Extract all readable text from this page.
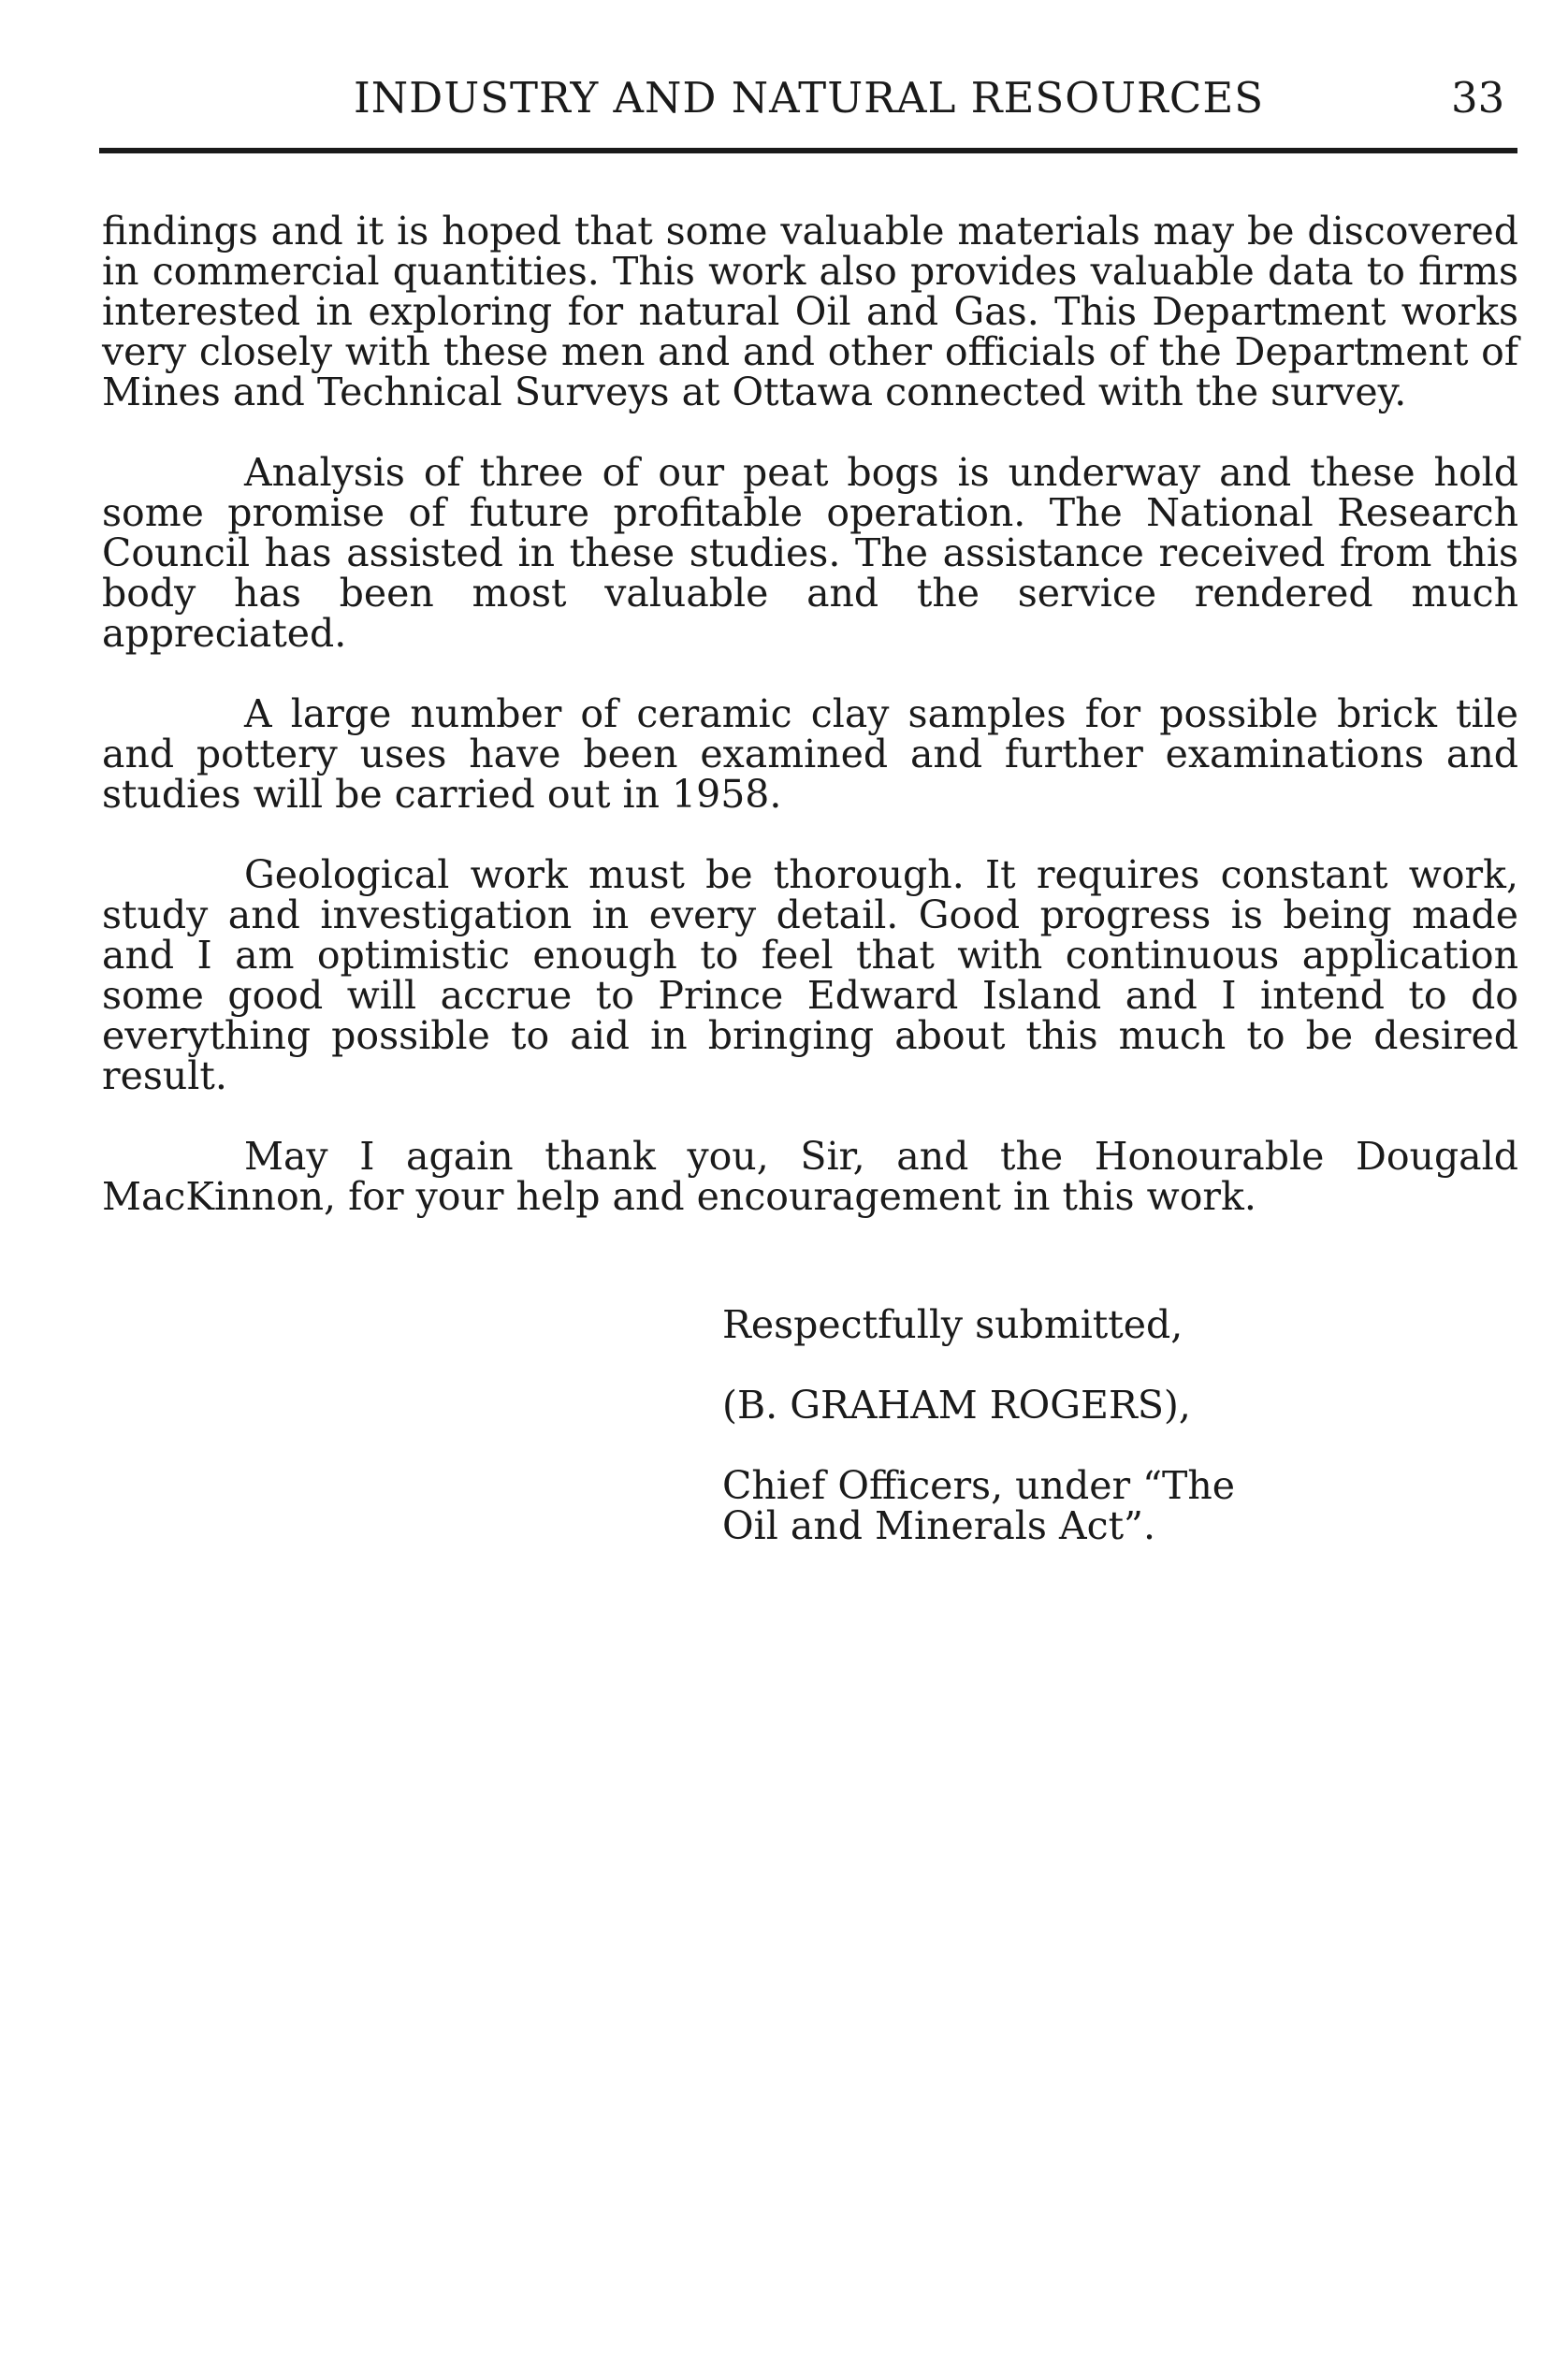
INDUSTRY AND NATURAL RESOURCES	33

findings and it is hoped that some valuable materials may be discovered in commercial quantities. This work also provides valuable data to firms interested in exploring for natural Oil and Gas. This Department works very closely with these men and and other officials of the Department of Mines and Technical Surveys at Ottawa connected with the survey.

Analysis of three of our peat bogs is underway and these hold some promise of future profitable operation. The National Research Council has assisted in these studies. The assistance received from this body has been most valuable and the service rendered much appreciated.

A large number of ceramic clay samples for possible brick tile and pottery uses have been examined and further examinations and studies will be carried out in 1958.

Geological work must be thorough. It requires constant work, study and investigation in every detail. Good progress is being made and I am optimistic enough to feel that with continuous application some good will accrue to Prince Edward Island and I intend to do everything possible to aid in bringing about this much to be desired result.

May I again thank you, Sir, and the Honourable Dougald MacKinnon, for your help and encouragement in this work.

Respectfully submitted,

(B. GRAHAM ROGERS),

Chief Officers, under “The

Oil and Minerals Act”.
